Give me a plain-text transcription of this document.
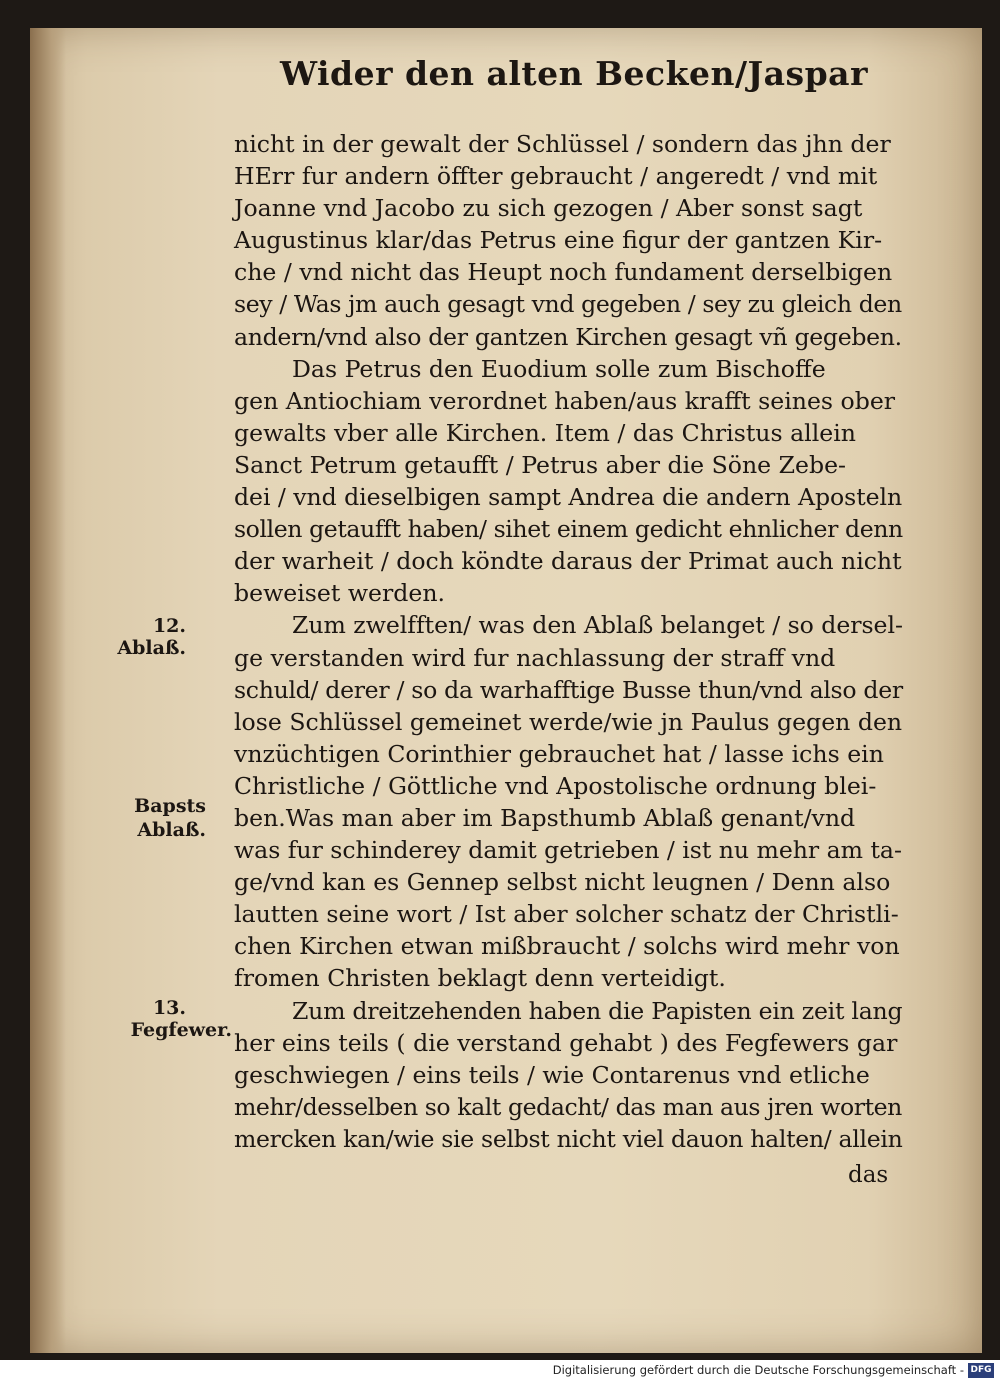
Wider den alten Becken/Jaspar
nicht in der gewalt der Schlüssel / sondern das jhn der
HErr fur andern öffter gebraucht / angeredt / vnd mit
Joanne vnd Jacobo zu sich gezogen / Aber sonst sagt
Augustinus klar/das Petrus eine figur der gantzen Kir-
che / vnd nicht das Heupt noch fundament derselbigen
sey / Was jm auch gesagt vnd gegeben / sey zu gleich den
andern/vnd also der gantzen Kirchen gesagt vñ gegeben.
Das Petrus den Euodium solle zum Bischoffe
gen Antiochiam verordnet haben/aus krafft seines ober
gewalts vber alle Kirchen. Item / das Christus allein
Sanct Petrum getaufft / Petrus aber die Söne Zebe-
dei / vnd dieselbigen sampt Andrea die andern Aposteln
sollen getaufft haben/ sihet einem gedicht ehnlicher denn
der warheit / doch köndte daraus der Primat auch nicht
beweiset werden.
Zum zwelfften/ was den Ablaß belanget / so dersel-
ge verstanden wird fur nachlassung der straff vnd
schuld/ derer / so da warhafftige Busse thun/vnd also der
lose Schlüssel gemeinet werde/wie jn Paulus gegen den
vnzüchtigen Corinthier gebrauchet hat / lasse ichs ein
Christliche / Göttliche vnd Apostolische ordnung blei-
ben.Was man aber im Bapsthumb Ablaß genant/vnd
was fur schinderey damit getrieben / ist nu mehr am ta-
ge/vnd kan es Gennep selbst nicht leugnen / Denn also
lautten seine wort / Ist aber solcher schatz der Christli-
chen Kirchen etwan mißbraucht / solchs wird mehr von
fromen Christen beklagt denn verteidigt.
Zum dreitzehenden haben die Papisten ein zeit lang
her eins teils ( die verstand gehabt ) des Fegfewers gar
geschwiegen / eins teils / wie Contarenus vnd etliche
mehr/desselben so kalt gedacht/ das man aus jren worten
mercken kan/wie sie selbst nicht viel dauon halten/ allein
das
12.
Ablaß.
Bapsts
Ablaß.
13.
Fegfewer.
Digitalisierung gefördert durch die Deutsche Forschungsgemeinschaft - DFG
